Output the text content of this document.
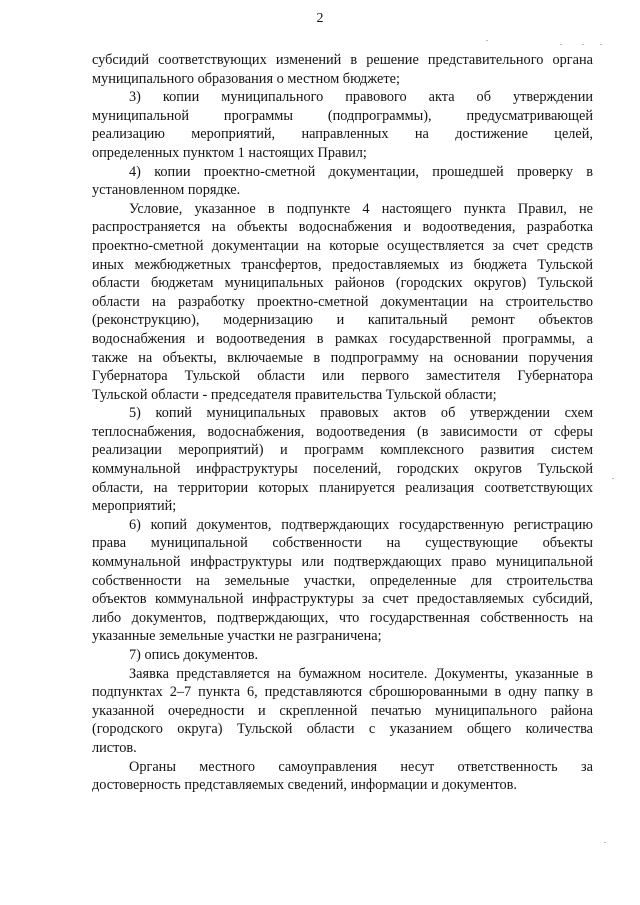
2
субсидий соответствующих изменений в решение представительного органа
муниципального образования о местном бюджете;
3) копии муниципального правового акта об утверждении
муниципальной программы (подпрограммы), предусматривающей
реализацию мероприятий, направленных на достижение целей,
определенных пунктом 1 настоящих Правил;
4) копии проектно-сметной документации, прошедшей проверку в
установленном порядке.
Условие, указанное в подпункте 4 настоящего пункта Правил, не
распространяется на объекты водоснабжения и водоотведения, разработка
проектно-сметной документации на которые осуществляется за счет средств
иных межбюджетных трансфертов, предоставляемых из бюджета Тульской
области бюджетам муниципальных районов (городских округов) Тульской
области на разработку проектно-сметной документации на строительство
(реконструкцию), модернизацию и капитальный ремонт объектов
водоснабжения и водоотведения в рамках государственной программы, а
также на объекты, включаемые в подпрограмму на основании поручения
Губернатора Тульской области или первого заместителя Губернатора
Тульской области - председателя правительства Тульской области;
5) копий муниципальных правовых актов об утверждении схем
теплоснабжения, водоснабжения, водоотведения (в зависимости от сферы
реализации мероприятий) и программ комплексного развития систем
коммунальной инфраструктуры поселений, городских округов Тульской
области, на территории которых планируется реализация соответствующих
мероприятий;
6) копий документов, подтверждающих государственную регистрацию
права муниципальной собственности на существующие объекты
коммунальной инфраструктуры или подтверждающих право муниципальной
собственности на земельные участки, определенные для строительства
объектов коммунальной инфраструктуры за счет предоставляемых субсидий,
либо документов, подтверждающих, что государственная собственность на
указанные земельные участки не разграничена;
7) опись документов.
Заявка представляется на бумажном носителе. Документы, указанные в
подпунктах 2–7 пункта 6, представляются сброшюрованными в одну папку в
указанной очередности и скрепленной печатью муниципального района
(городского округа) Тульской области с указанием общего количества
листов.
Органы местного самоуправления несут ответственность за
достоверность представляемых сведений, информации и документов.
